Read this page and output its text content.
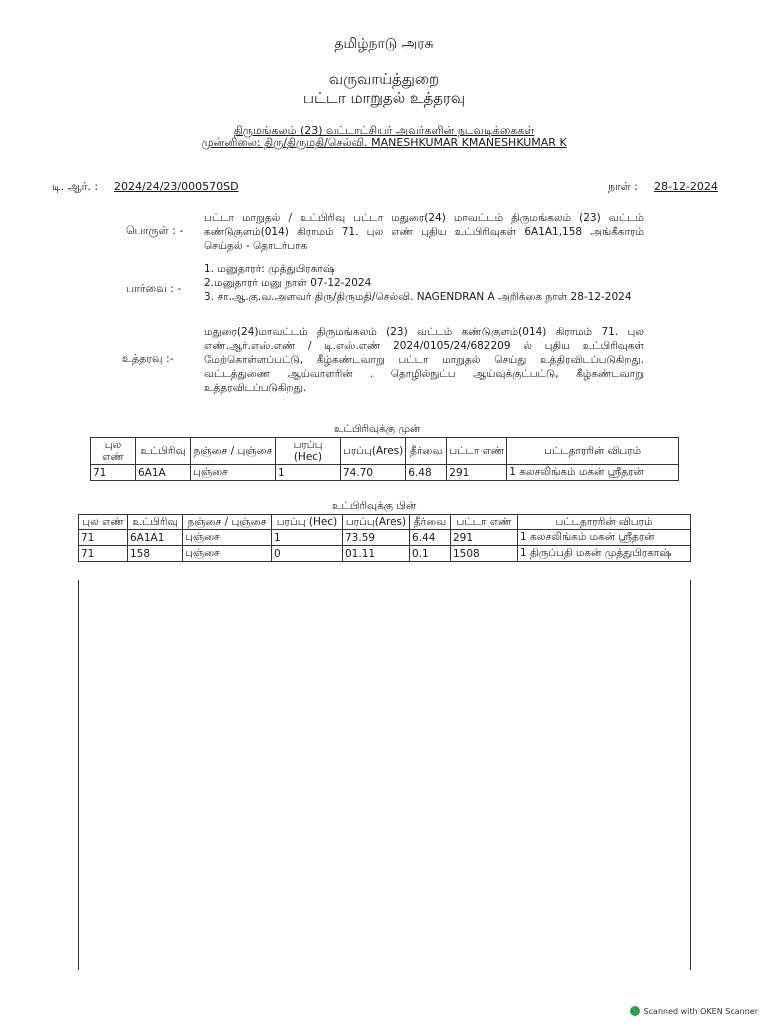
தமிழ்நாடு அரசு
வருவாய்த்துறை
பட்டா மாறுதல் உத்தரவு
திருமங்கலம் (23) வட்டாட்சியர் அவர்களின் நடவடிக்கைகள்
முன்னிலை: திரு/திருமதி/செல்வி. MANESHKUMAR KMANESHKUMAR K
டி. ஆர். : 2024/24/23/000570SD	நாள் : 28-12-2024
பொருள் : -
பட்டா மாறுதல் / உட்பிரிவு பட்டா மதுரை(24) மாவட்டம் திருமங்கலம் (23) வட்டம் கண்டுகுளம்(014) கிராமம் 71. புல எண் புதிய உட்பிரிவுகள் 6A1A1,158 அங்கீகாரம் செய்தல் - தொடர்பாக
பார்வை : -
1. மனுதாரர்: முத்துபிரகாஷ்
2.மனுதாரர் மனு நாள் 07-12-2024
3. சா.ஆ.கு.வ.அளவர் திரு/திருமதி/செல்வி. NAGENDRAN A அறிக்கை நாள் 28-12-2024
உத்தரவு :-
மதுரை(24)மாவட்டம் திருமங்கலம் (23) வட்டம் கண்டுகுளம்(014) கிராமம் 71. புல எண்.ஆர்.எஸ்.எண் / டி.எஸ்.எண் 2024/0105/24/682209 ல் புதிய உட்பிரிவுகள் மேற்கொள்ளப்பட்டு, கீழ்கண்டவாறு பட்டா மாறுதல் செய்து உத்திரவிடப்படுகிறது. வட்டத்துணை ஆய்வாளரின் . தொழில்நுட்ப ஆய்வுக்குட்பட்டு, கீழ்கண்டவாறு உத்தரவிடப்படுகிறது.
உட்பிரிவுக்கு முன்
புல எண்	உட்பிரிவு	நஞ்சை / புஞ்சை	பரப்பு (Hec)	பரப்பு(Ares)	தீர்வை	பட்டா எண்	பட்டதாரரின் விபரம்
71	6A1A	புஞ்சை	1	74.70	6.48	291	1 கலசலிங்கம் மகன் ஸ்ரீதரன்
உட்பிரிவுக்கு பின்
புல எண்	உட்பிரிவு	நஞ்சை / புஞ்சை	பரப்பு (Hec)	பரப்பு(Ares)	தீர்வை	பட்டா எண்	பட்டதாரரின் விபரம்
71	6A1A1	புஞ்சை	1	73.59	6.44	291	1 கலசலிங்கம் மகன் ஸ்ரீதரன்
71	158	புஞ்சை	0	01.11	0.1	1508	1 திருப்பதி மகன் முத்துபிரகாஷ்
Scanned with OKEN Scanner
